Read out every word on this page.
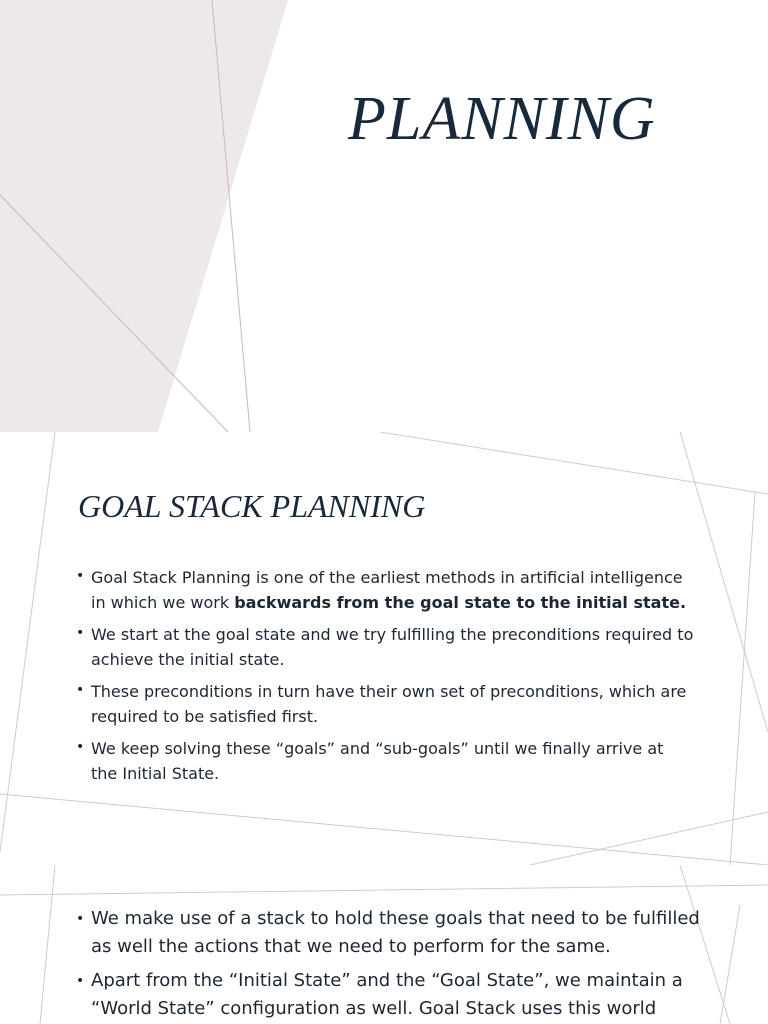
PLANNING
GOAL STACK PLANNING
• Goal Stack Planning is one of the earliest methods in artificial intelligence in which we work backwards from the goal state to the initial state.
• We start at the goal state and we try fulfilling the preconditions required to achieve the initial state.
• These preconditions in turn have their own set of preconditions, which are required to be satisfied first.
• We keep solving these “goals” and “sub-goals” until we finally arrive at the Initial State.
• We make use of a stack to hold these goals that need to be fulfilled as well the actions that we need to perform for the same.
• Apart from the “Initial State” and the “Goal State”, we maintain a “World State” configuration as well. Goal Stack uses this world
